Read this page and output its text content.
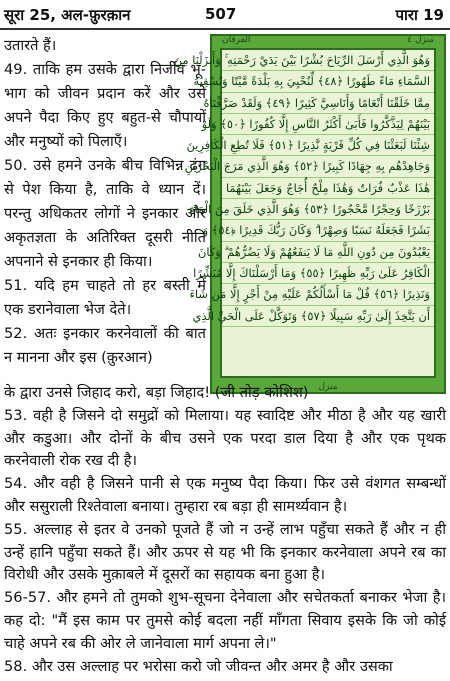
सूरा 25, अल-फ़ुरक़ान	507	पारा 19

उतारते हैं।

49. ताकि हम उसके द्वारा निर्जीव भू-भाग को जीवन प्रदान करें और उसे अपने पैदा किए हुए बहुत-से चौपायों और मनुष्यों को पिलाएँ।

50. उसे हमने उनके बीच विभिन्न ढंग से पेश किया है, ताकि वे ध्यान दें। परन्तु अधिकतर लोगों ने इनकार और अकृतज्ञता के अतिरिक्त दूसरी नीति अपनाने से इनकार ही किया।

51. यदि हम चाहते तो हर बस्ती में एक डरानेवाला भेज देते।

52. अतः इनकार करनेवालों की बात न मानना और इस (क़ुरआन)

الفرقان	منزل ٤
وَهُوَ الَّذِي أَرْسَلَ الرِّيَاحَ بُشْرًا بَيْنَ يَدَيْ رَحْمَتِهِ ۚ وَأَنزَلْنَا مِنَ
السَّمَاءِ مَاءً طَهُورًا ﴿٤٨﴾ لِّنُحْيِيَ بِهِ بَلْدَةً مَّيْتًا وَنُسْقِيَهُ
مِمَّا خَلَقْنَا أَنْعَامًا وَأَنَاسِيَّ كَثِيرًا ﴿٤٩﴾ وَلَقَدْ صَرَّفْنَاهُ
بَيْنَهُمْ لِيَذَّكَّرُوا فَأَبَىٰ أَكْثَرُ النَّاسِ إِلَّا كُفُورًا ﴿٥٠﴾ وَلَوْ
شِئْنَا لَبَعَثْنَا فِي كُلِّ قَرْيَةٍ نَّذِيرًا ﴿٥١﴾ فَلَا تُطِعِ الْكَافِرِينَ
وَجَاهِدْهُم بِهِ جِهَادًا كَبِيرًا ﴿٥٢﴾ وَهُوَ الَّذِي مَرَجَ الْبَحْرَيْنِ
هَٰذَا عَذْبٌ فُرَاتٌ وَهَٰذَا مِلْحٌ أُجَاجٌ وَجَعَلَ بَيْنَهُمَا
بَرْزَخًا وَحِجْرًا مَّحْجُورًا ﴿٥٣﴾ وَهُوَ الَّذِي خَلَقَ مِنَ الْمَاءِ
بَشَرًا فَجَعَلَهُ نَسَبًا وَصِهْرًا ۗ وَكَانَ رَبُّكَ قَدِيرًا ﴿٥٤﴾ وَ
يَعْبُدُونَ مِن دُونِ اللَّهِ مَا لَا يَنفَعُهُمْ وَلَا يَضُرُّهُمْ ۗ وَكَانَ
الْكَافِرُ عَلَىٰ رَبِّهِ ظَهِيرًا ﴿٥٥﴾ وَمَا أَرْسَلْنَاكَ إِلَّا مُبَشِّرًا
وَنَذِيرًا ﴿٥٦﴾ قُلْ مَا أَسْأَلُكُمْ عَلَيْهِ مِنْ أَجْرٍ إِلَّا مَن شَاءَ
أَن يَتَّخِذَ إِلَىٰ رَبِّهِ سَبِيلًا ﴿٥٧﴾ وَتَوَكَّلْ عَلَى الْحَيِّ الَّذِي
منزل

के द्वारा उनसे जिहाद करो, बड़ा जिहाद! (जी तोड़ कोशिश)

53. वही है जिसने दो समुद्रों को मिलाया। यह स्वादिष्ट और मीठा है और यह खारी और कडुआ। और दोनों के बीच उसने एक परदा डाल दिया है और एक पृथक करनेवाली रोक रख दी है।

54. और वही है जिसने पानी से एक मनुष्य पैदा किया। फिर उसे वंशगत सम्बन्धों और ससुराली रिश्तेवाला बनाया। तुम्हारा रब बड़ा ही सामर्थ्यवान है।

55. अल्लाह से इतर वे उनको पूजते हैं जो न उन्हें लाभ पहुँचा सकते हैं और न ही उन्हें हानि पहुँचा सकते हैं। और ऊपर से यह भी कि इनकार करनेवाला अपने रब का विरोधी और उसके मुक़ाबले में दूसरों का सहायक बना हुआ है।

56-57. और हमने तो तुमको शुभ-सूचना देनेवाला और सचेतकर्ता बनाकर भेजा है। कह दो: "मैं इस काम पर तुमसे कोई बदला नहीं माँगता सिवाय इसके कि जो कोई चाहे अपने रब की ओर ले जानेवाला मार्ग अपना ले।"

58. और उस अल्लाह पर भरोसा करो जो जीवन्त और अमर है और उसका
